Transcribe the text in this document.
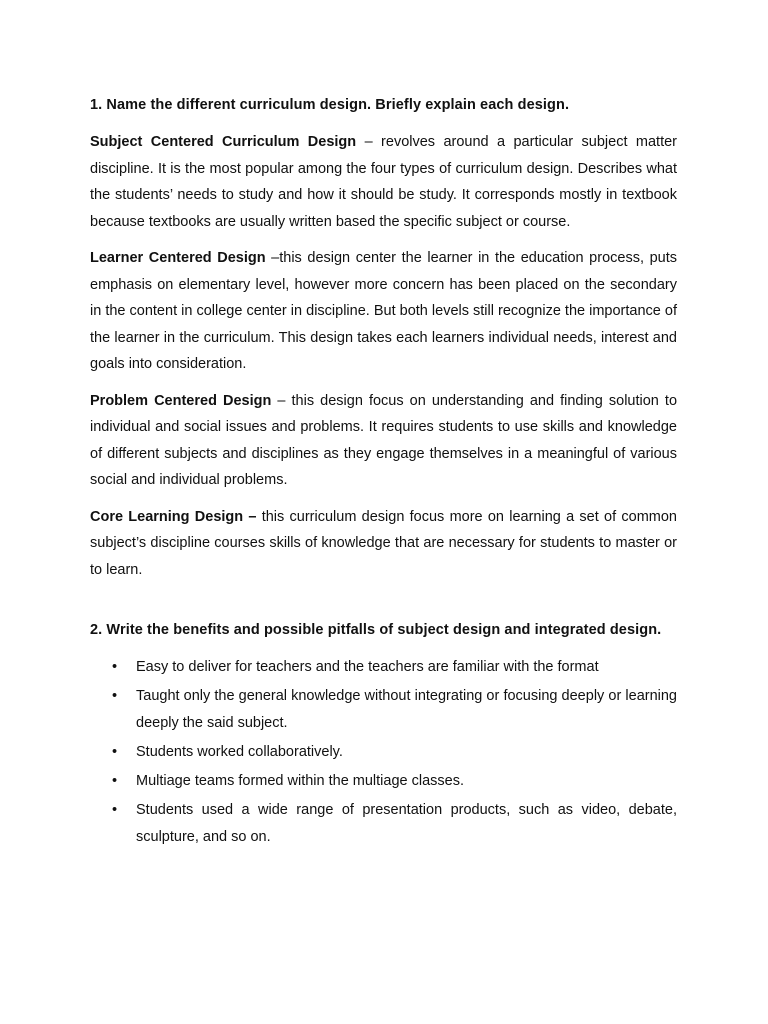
1. Name the different curriculum design. Briefly explain each design.

Subject Centered Curriculum Design – revolves around a particular subject matter discipline. It is the most popular among the four types of curriculum design. Describes what the students’ needs to study and how it should be study. It corresponds mostly in textbook because textbooks are usually written based the specific subject or course.

Learner Centered Design –this design center the learner in the education process, puts emphasis on elementary level, however more concern has been placed on the secondary in the content in college center in discipline. But both levels still recognize the importance of the learner in the curriculum. This design takes each learners individual needs, interest and goals into consideration.

Problem Centered Design – this design focus on understanding and finding solution to individual and social issues and problems. It requires students to use skills and knowledge of different subjects and disciplines as they engage themselves in a meaningful of various social and individual problems.

Core Learning Design – this curriculum design focus more on learning a set of common subject’s discipline courses skills of knowledge that are necessary for students to master or to learn.

2. Write the benefits and possible pitfalls of subject design and integrated design.

• Easy to deliver for teachers and the teachers are familiar with the format
• Taught only the general knowledge without integrating or focusing deeply or learning deeply the said subject.
• Students worked collaboratively.
• Multiage teams formed within the multiage classes.
• Students used a wide range of presentation products, such as video, debate, sculpture, and so on.
